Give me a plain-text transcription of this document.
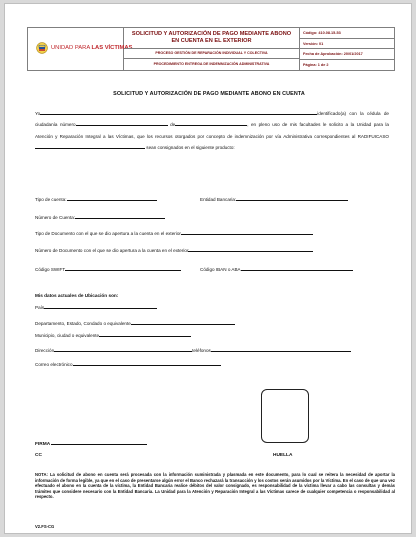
UNIDAD PARA LAS VÍCTIMAS
SOLICITUD Y AUTORIZACIÓN DE PAGO MEDIANTE ABONO
EN CUENTA EN EL EXTERIOR
PROCESO GESTIÓN DE REPARACIÓN INDIVIDUAL Y COLECTIVA
PROCEDIMIENTO ENTREGA DE INDEMNIZACIÓN ADMINISTRATIVA
Código: 410.08.15-53
Versión: 01
Fecha de Aprobación: 20/01/2017
Página: 1 de 2
SOLICITUD Y AUTORIZACIÓN DE PAGO MEDIANTE ABONO EN CUENTA
Yo	identificado(a) con la cédula de ciudadanía número	de	, en pleno uso de mis facultades le solicito a la Unidad para la Atención y Reparación Integral a las Víctimas, que los recursos otorgados por concepto de indemnización por vía Administrativa correspondientes al RADIFUICASO sean consignados en el siguiente producto:
Tipo de cuenta:	Entidad Bancaria:
Número de Cuenta:
Tipo de Documento con el que se dio apertura a la cuenta en el exterior
Número de Documento con el que se dio apertura a la cuenta en el exterior
Código SWIFT	Código IBAN o ABA
Mis datos actuales de Ubicación son:
País
Departamento, Estado, Condado o equivalente
Municipio, ciudad o equivalente
Dirección	teléfonos
Correo electrónico
FIRMA
CC	HUELLA
NOTA: La solicitud de abono en cuenta será procesada con la información suministrada y plasmada en este documento, para lo cual se reitera la necesidad de aportar la información de forma legible, ya que en el caso de presentarse algún error el Banco rechazará la transacción y los costos serán asumidos por la Víctima. En el caso de que una vez efectuado el abono en la cuenta de la víctima, la Entidad Bancaria realice débitos del valor consignado, es responsabilidad de la víctima llevar a cabo las consultas y demás trámites que considere necesario con la Entidad Bancaria. La Unidad para la Atención y Reparación Integral a las Víctimas carece de cualquier competencia o responsabilidad al respecto.
V2.FS-CG
